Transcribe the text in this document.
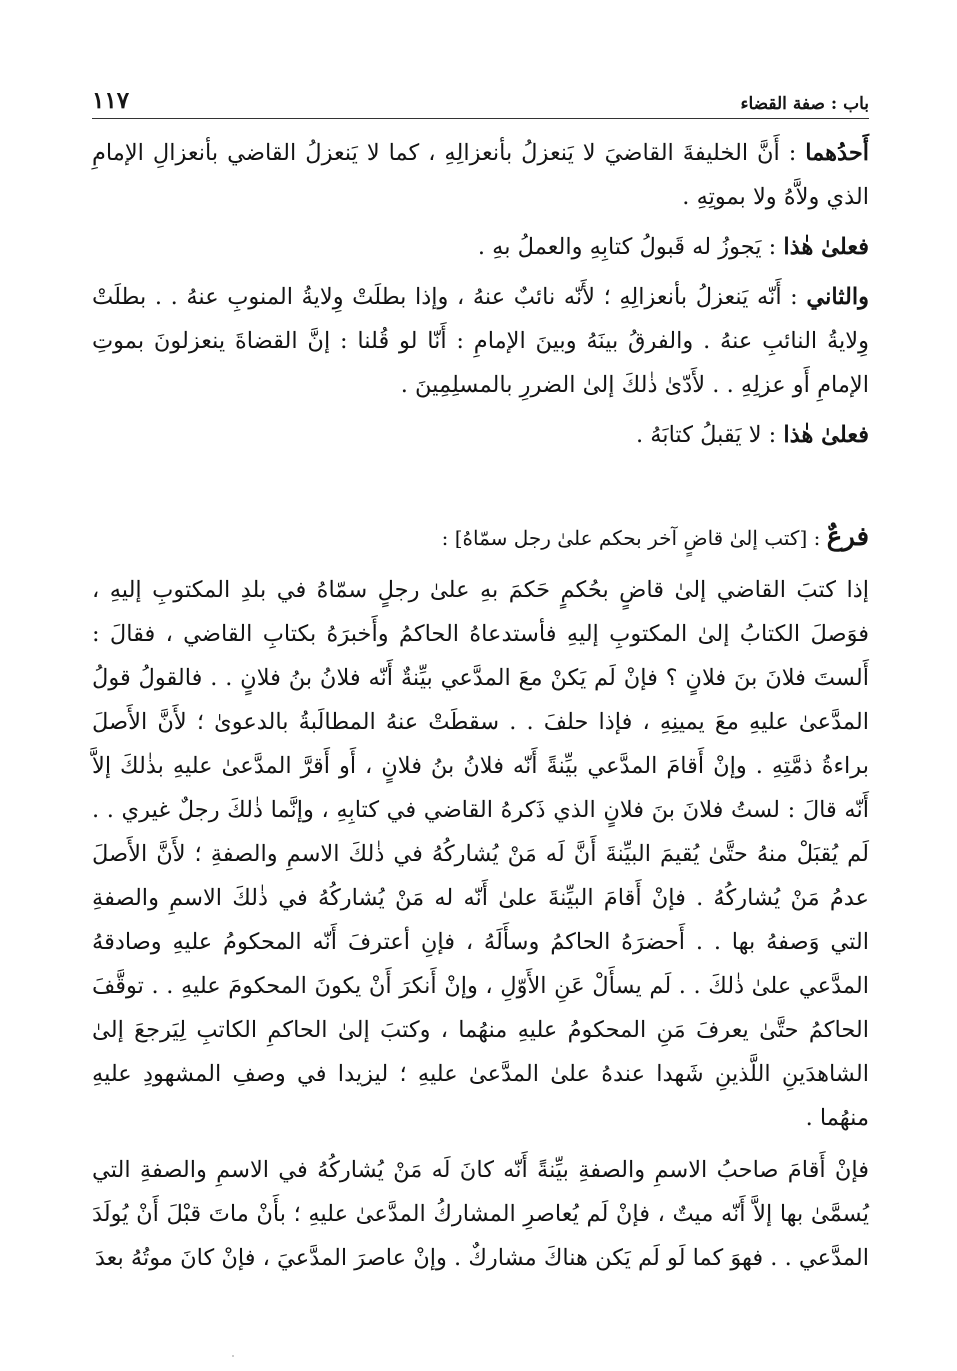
باب : صفة القضاء
١١٧

أَحدُهما : أَنَّ الخليفةَ القاضيَ لا يَنعزلُ بأنعزالِهِ ، كما لا يَنعزلُ القاضي بأنعزالِ الإمامِ الذي ولاَّهُ ولا بموتِهِ .

فعلىٰ هٰذا : يَجوزُ له قَبولُ كتابِهِ والعملُ بهِ .

والثاني : أَنّه يَنعزلُ بأنعزالِهِ ؛ لأَنّه نائبٌ عنهُ ، وإذا بطلَتْ وِلايةُ المنوبِ عنهُ . . بطلَتْ وِلايةُ النائبِ عنهُ . والفرقُ بينَهُ وبينَ الإمامِ : أَنّا لو قُلنا : إنَّ القضاةَ ينعزلونَ بموتِ الإمامِ أَو عزلِهِ . . لأَدّىٰ ذٰلكَ إلىٰ الضررِ بالمسلِمِينَ .

فعلىٰ هٰذا : لا يَقبلُ كتابَهُ .

فرعٌ : [كتب إلىٰ قاضٍ آخر بحكم علىٰ رجل سمّاهُ] :

إذا كتبَ القاضي إلىٰ قاضٍ بحُكمٍ حَكمَ بهِ علىٰ رجلٍ سمّاهُ في بلدِ المكتوبِ إليهِ ، فوَصلَ الكتابُ إلىٰ المكتوبِ إليهِ فأستدعاهُ الحاكمُ وأَخبرَهُ بكتابِ القاضي ، فقالَ : أَلستَ فلانَ بنَ فلانٍ ؟ فإنْ لَم يَكنْ معَ المدَّعي بيِّنةٌ أَنّه فلانُ بنُ فلانٍ . . فالقولُ قولُ المدَّعىٰ عليهِ معَ يمينِهِ ، فإذا حلفَ . . سقطَتْ عنهُ المطالَبةُ بالدعوىٰ ؛ لأَنَّ الأَصلَ براءةُ ذمَّتِهِ . وإنْ أَقامَ المدَّعي بيِّنةً أَنّه فلانُ بنُ فلانٍ ، أَو أَقرَّ المدَّعىٰ عليهِ بذٰلكَ إلاَّ أَنّه قالَ : لستُ فلانَ بنَ فلانٍ الذي ذَكرهُ القاضي في كتابِهِ ، وإنَّما ذٰلكَ رجلٌ غيري . . لَم يُقبَلْ منهُ حتَّىٰ يُقيمَ البيِّنةَ أَنَّ لَه مَنْ يُشاركُهُ في ذٰلكَ الاسمِ والصفةِ ؛ لأَنَّ الأَصلَ عدمُ مَنْ يُشاركُهُ . فإنْ أَقامَ البيِّنةَ علىٰ أَنّه له مَنْ يُشاركُهُ في ذٰلكَ الاسمِ والصفةِ التي وَصفهُ بها . . أَحضرَهُ الحاكمُ وسأَلَهُ ، فإنِ أعترفَ أَنّه المحكومُ عليهِ وصادقهُ المدَّعي علىٰ ذٰلكَ . . لَم يسأَلْ عَنِ الأَوّلِ ، وإنْ أَنكرَ أَنْ يكونَ المحكومَ عليهِ . . توقَّفَ الحاكمُ حتَّىٰ يعرفَ مَنِ المحكومُ عليهِ منهُما ، وكتبَ إلىٰ الحاكمِ الكاتبِ لِيَرجعَ إلىٰ الشاهدَينِ اللَّذينِ شَهدا عندهُ علىٰ المدَّعىٰ عليهِ ؛ ليزيدا في وصفِ المشهودِ عليهِ منهُما .

فإنْ أَقامَ صاحبُ الاسمِ والصفةِ بيِّنةً أَنّه كانَ لَه مَنْ يُشاركُهُ في الاسمِ والصفةِ التي يُسمَّىٰ بها إلاَّ أَنّه ميتٌ ، فإنْ لَم يُعاصرِ المشاركُ المدَّعىٰ عليهِ ؛ بأَنْ ماتَ قبْلَ أَنْ يُولَدَ المدَّعي . . فهوَ كما لَو لَم يَكن هناكَ مشاركٌ . وإنْ عاصرَ المدَّعيَ ، فإنْ كانَ موتُهُ بعدَ
